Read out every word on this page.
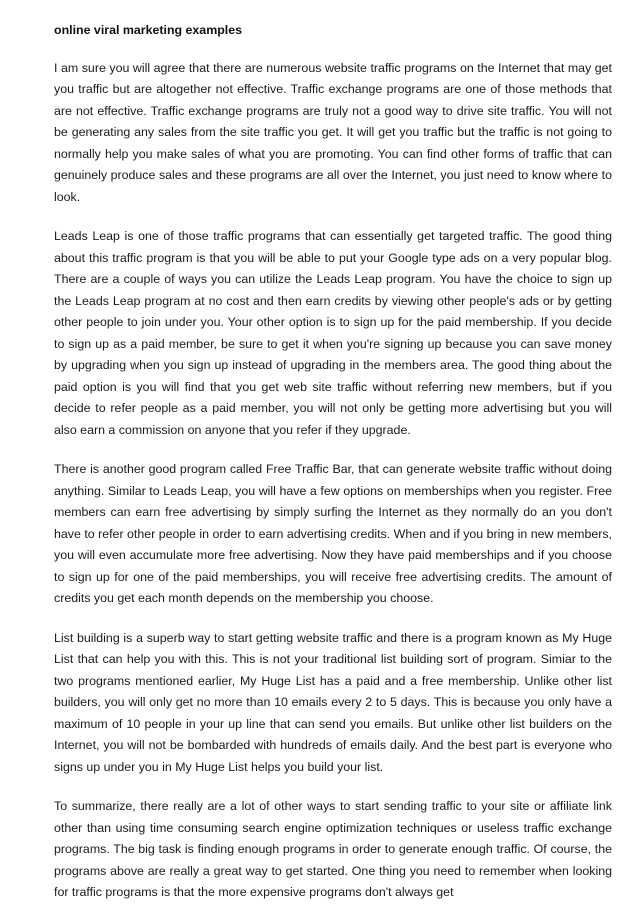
online viral marketing examples

I am sure you will agree that there are numerous website traffic programs on the Internet that may get you traffic but are altogether not effective. Traffic exchange programs are one of those methods that are not effective. Traffic exchange programs are truly not a good way to drive site traffic. You will not be generating any sales from the site traffic you get. It will get you traffic but the traffic is not going to normally help you make sales of what you are promoting. You can find other forms of traffic that can genuinely produce sales and these programs are all over the Internet, you just need to know where to look.

Leads Leap is one of those traffic programs that can essentially get targeted traffic. The good thing about this traffic program is that you will be able to put your Google type ads on a very popular blog. There are a couple of ways you can utilize the Leads Leap program. You have the choice to sign up the Leads Leap program at no cost and then earn credits by viewing other people's ads or by getting other people to join under you. Your other option is to sign up for the paid membership. If you decide to sign up as a paid member, be sure to get it when you're signing up because you can save money by upgrading when you sign up instead of upgrading in the members area. The good thing about the paid option is you will find that you get web site traffic without referring new members, but if you decide to refer people as a paid member, you will not only be getting more advertising but you will also earn a commission on anyone that you refer if they upgrade.

There is another good program called Free Traffic Bar, that can generate website traffic without doing anything. Similar to Leads Leap, you will have a few options on memberships when you register. Free members can earn free advertising by simply surfing the Internet as they normally do an you don't have to refer other people in order to earn advertising credits. When and if you bring in new members, you will even accumulate more free advertising. Now they have paid memberships and if you choose to sign up for one of the paid memberships, you will receive free advertising credits. The amount of credits you get each month depends on the membership you choose.

List building is a superb way to start getting website traffic and there is a program known as My Huge List that can help you with this. This is not your traditional list building sort of program. Simiar to the two programs mentioned earlier, My Huge List has a paid and a free membership. Unlike other list builders, you will only get no more than 10 emails every 2 to 5 days. This is because you only have a maximum of 10 people in your up line that can send you emails. But unlike other list builders on the Internet, you will not be bombarded with hundreds of emails daily. And the best part is everyone who signs up under you in My Huge List helps you build your list.

To summarize, there really are a lot of other ways to start sending traffic to your site or affiliate link other than using time consuming search engine optimization techniques or useless traffic exchange programs. The big task is finding enough programs in order to generate enough traffic. Of course, the programs above are really a great way to get started. One thing you need to remember when looking for traffic programs is that the more expensive programs don't always get
